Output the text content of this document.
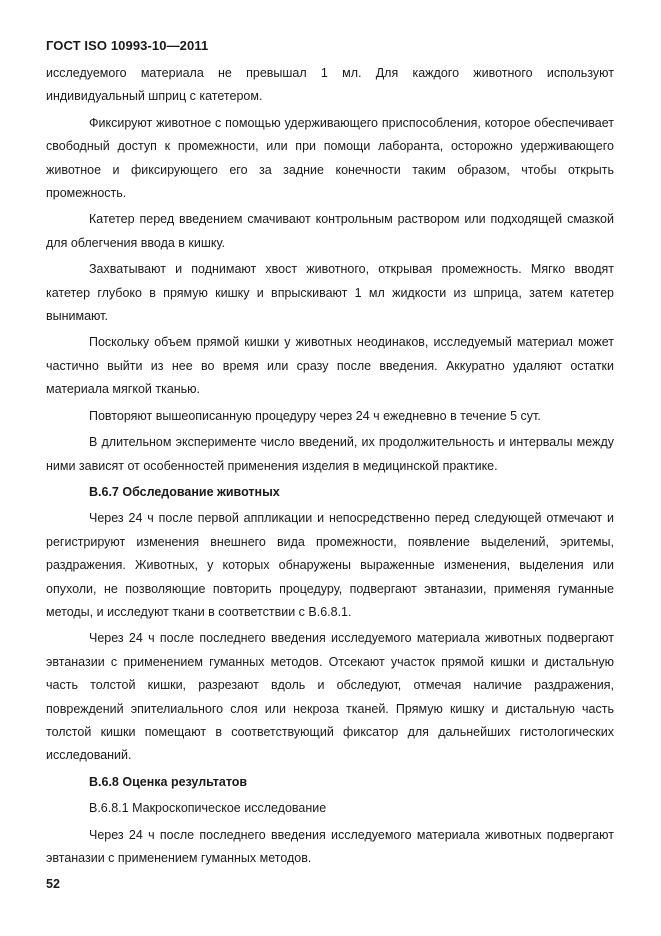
ГОСТ ISO 10993-10—2011

исследуемого материала не превышал 1 мл. Для каждого животного используют индивидуальный шприц с катетером.

Фиксируют животное с помощью удерживающего приспособления, которое обеспечивает свободный доступ к промежности, или при помощи лаборанта, осторожно удерживающего животное и фиксирующего его за задние конечности таким образом, чтобы открыть промежность.

Катетер перед введением смачивают контрольным раствором или подходящей смазкой для облегчения ввода в кишку.

Захватывают и поднимают хвост животного, открывая промежность. Мягко вводят катетер глубоко в прямую кишку и впрыскивают 1 мл жидкости из шприца, затем катетер вынимают.

Поскольку объем прямой кишки у животных неодинаков, исследуемый материал может частично выйти из нее во время или сразу после введения. Аккуратно удаляют остатки материала мягкой тканью.

Повторяют вышеописанную процедуру через 24 ч ежедневно в течение 5 сут.

В длительном эксперименте число введений, их продолжительность и интервалы между ними зависят от особенностей применения изделия в медицинской практике.

В.6.7 Обследование животных

Через 24 ч после первой аппликации и непосредственно перед следующей отмечают и регистрируют изменения внешнего вида промежности, появление выделений, эритемы, раздражения. Животных, у которых обнаружены выраженные изменения, выделения или опухоли, не позволяющие повторить процедуру, подвергают эвтаназии, применяя гуманные методы, и исследуют ткани в соответствии с В.6.8.1.

Через 24 ч после последнего введения исследуемого материала животных подвергают эвтаназии с применением гуманных методов. Отсекают участок прямой кишки и дистальную часть толстой кишки, разрезают вдоль и обследуют, отмечая наличие раздражения, повреждений эпителиального слоя или некроза тканей. Прямую кишку и дистальную часть толстой кишки помещают в соответствующий фиксатор для дальнейших гистологических исследований.

В.6.8 Оценка результатов

В.6.8.1 Макроскопическое исследование

Через 24 ч после последнего введения исследуемого материала животных подвергают эвтаназии с применением гуманных методов.

52
